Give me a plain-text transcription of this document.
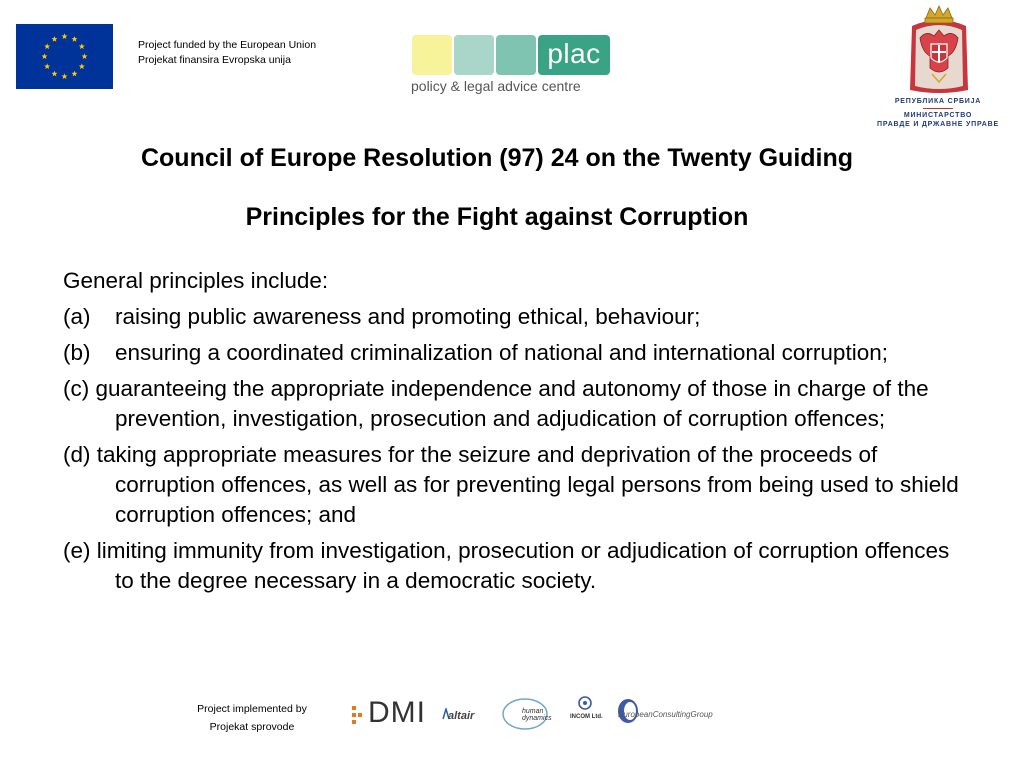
Project funded by the European Union
Projekat finansira Evropska unija	plac
policy & legal advice centre
РЕПУБЛИКА СРБИЈА
МИНИСТАРСТВО
ПРАВДЕ И ДРЖАВНЕ УПРАВЕ
Council of Europe Resolution (97) 24 on the Twenty Guiding
Principles for the Fight against Corruption
General principles include:
(a)	raising public awareness and promoting ethical, behaviour;
(b)	ensuring a coordinated criminalization of national and international corruption;
(c) guaranteeing the appropriate independence and autonomy of those in charge of the prevention, investigation, prosecution and adjudication of corruption offences;
(d) taking appropriate measures for the seizure and deprivation of the proceeds of corruption offences, as well as for preventing legal persons from being used to shield corruption offences; and
(e) limiting immunity from investigation, prosecution or adjudication of corruption offences to the degree necessary in a democratic society.
Project implemented by
Projekat sprovode	DMI altair	human
dynamics	INCOM Ltd. EuropeanConsultingGroup
